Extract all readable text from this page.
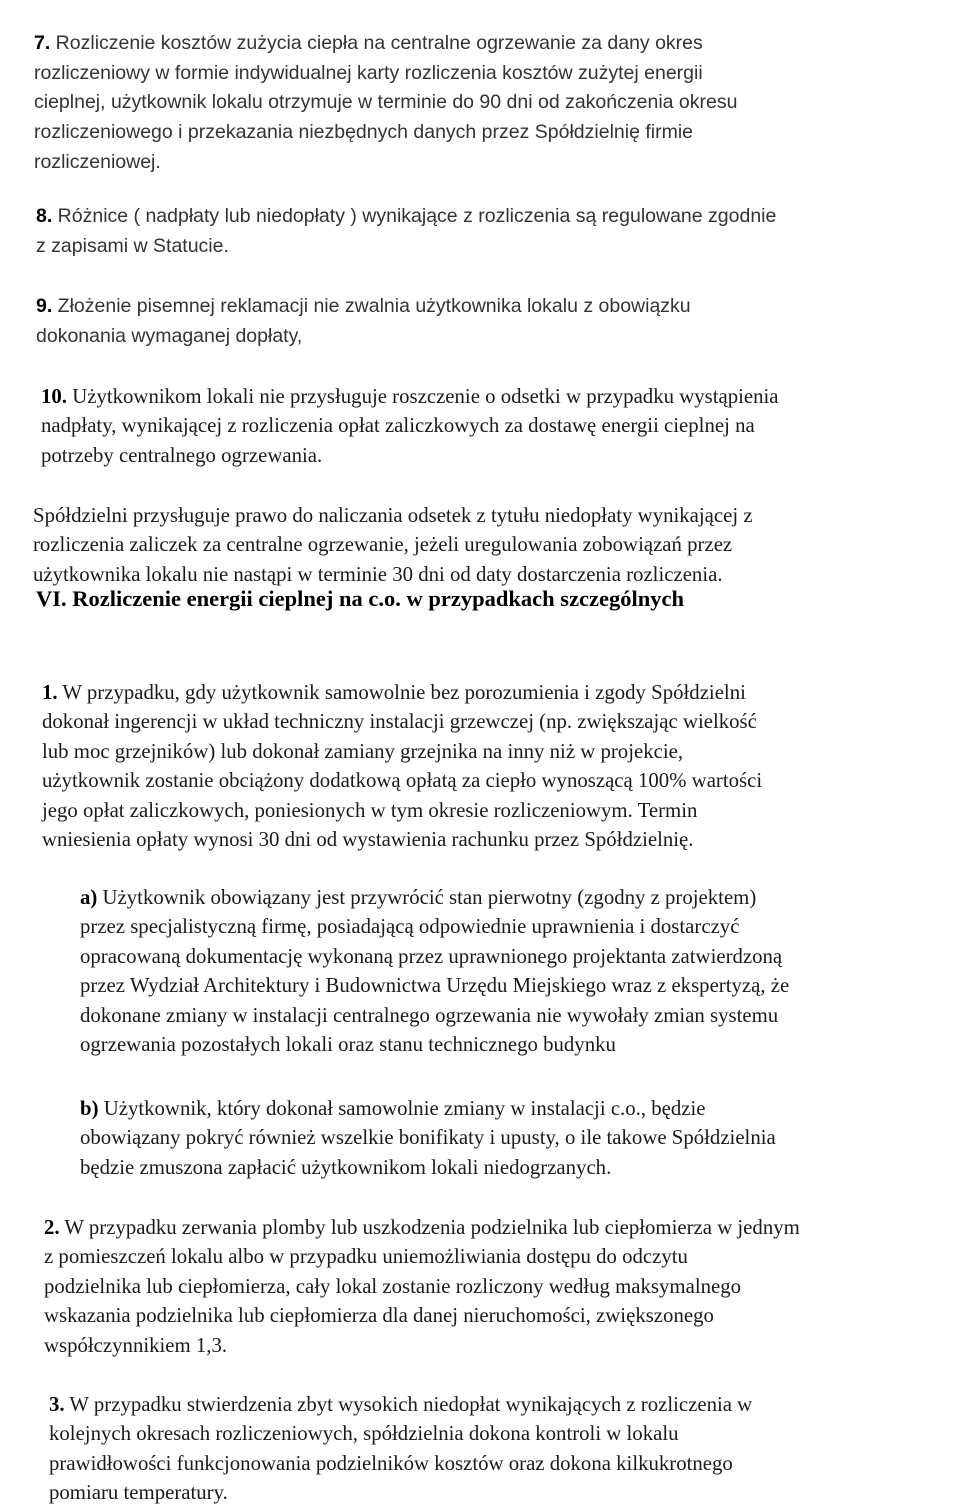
7. Rozliczenie kosztów zużycia ciepła na centralne ogrzewanie za dany okres
rozliczeniowy w formie indywidualnej karty rozliczenia kosztów zużytej energii
cieplnej, użytkownik lokalu otrzymuje w terminie do 90 dni od zakończenia okresu
rozliczeniowego i przekazania niezbędnych danych przez Spółdzielnię firmie
rozliczeniowej.

8. Różnice ( nadpłaty lub niedopłaty ) wynikające z rozliczenia są regulowane zgodnie
z zapisami w Statucie.

9. Złożenie pisemnej reklamacji nie zwalnia użytkownika lokalu z obowiązku
dokonania wymaganej dopłaty,

10. Użytkownikom lokali nie przysługuje roszczenie o odsetki w przypadku wystąpienia
nadpłaty, wynikającej z rozliczenia opłat zaliczkowych za dostawę energii cieplnej na
potrzeby centralnego ogrzewania.

Spółdzielni przysługuje prawo do naliczania odsetek z tytułu niedopłaty wynikającej z
rozliczenia zaliczek za centralne ogrzewanie, jeżeli uregulowania zobowiązań przez
użytkownika lokalu nie nastąpi w terminie 30 dni od daty dostarczenia rozliczenia.

VI. Rozliczenie energii cieplnej na c.o. w przypadkach szczególnych

1. W przypadku, gdy użytkownik samowolnie bez porozumienia i zgody Spółdzielni
dokonał ingerencji w układ techniczny instalacji grzewczej (np. zwiększając wielkość
lub moc grzejników) lub dokonał zamiany grzejnika na inny niż w projekcie,
użytkownik zostanie obciążony dodatkową opłatą za ciepło wynoszącą 100% wartości
jego opłat zaliczkowych, poniesionych w tym okresie rozliczeniowym. Termin
wniesienia opłaty wynosi 30 dni od wystawienia rachunku przez Spółdzielnię.

a) Użytkownik obowiązany jest przywrócić stan pierwotny (zgodny z projektem)
przez specjalistyczną firmę, posiadającą odpowiednie uprawnienia i dostarczyć
opracowaną dokumentację wykonaną przez uprawnionego projektanta zatwierdzoną
przez Wydział Architektury i Budownictwa Urzędu Miejskiego wraz z ekspertyzą, że
dokonane zmiany w instalacji centralnego ogrzewania nie wywołały zmian systemu
ogrzewania pozostałych lokali oraz stanu technicznego budynku

b) Użytkownik, który dokonał samowolnie zmiany w instalacji c.o., będzie
obowiązany pokryć również wszelkie bonifikaty i upusty, o ile takowe Spółdzielnia
będzie zmuszona zapłacić użytkownikom lokali niedogrzanych.

2. W przypadku zerwania plomby lub uszkodzenia podzielnika lub ciepłomierza w jednym
z pomieszczeń lokalu albo w przypadku uniemożliwiania dostępu do odczytu
podzielnika lub ciepłomierza, cały lokal zostanie rozliczony według maksymalnego
wskazania podzielnika lub ciepłomierza dla danej nieruchomości, zwiększonego
współczynnikiem 1,3.

3. W przypadku stwierdzenia zbyt wysokich niedopłat wynikających z rozliczenia w
kolejnych okresach rozliczeniowych, spółdzielnia dokona kontroli w lokalu
prawidłowości funkcjonowania podzielników kosztów oraz dokona kilkukrotnego
pomiaru temperatury.
